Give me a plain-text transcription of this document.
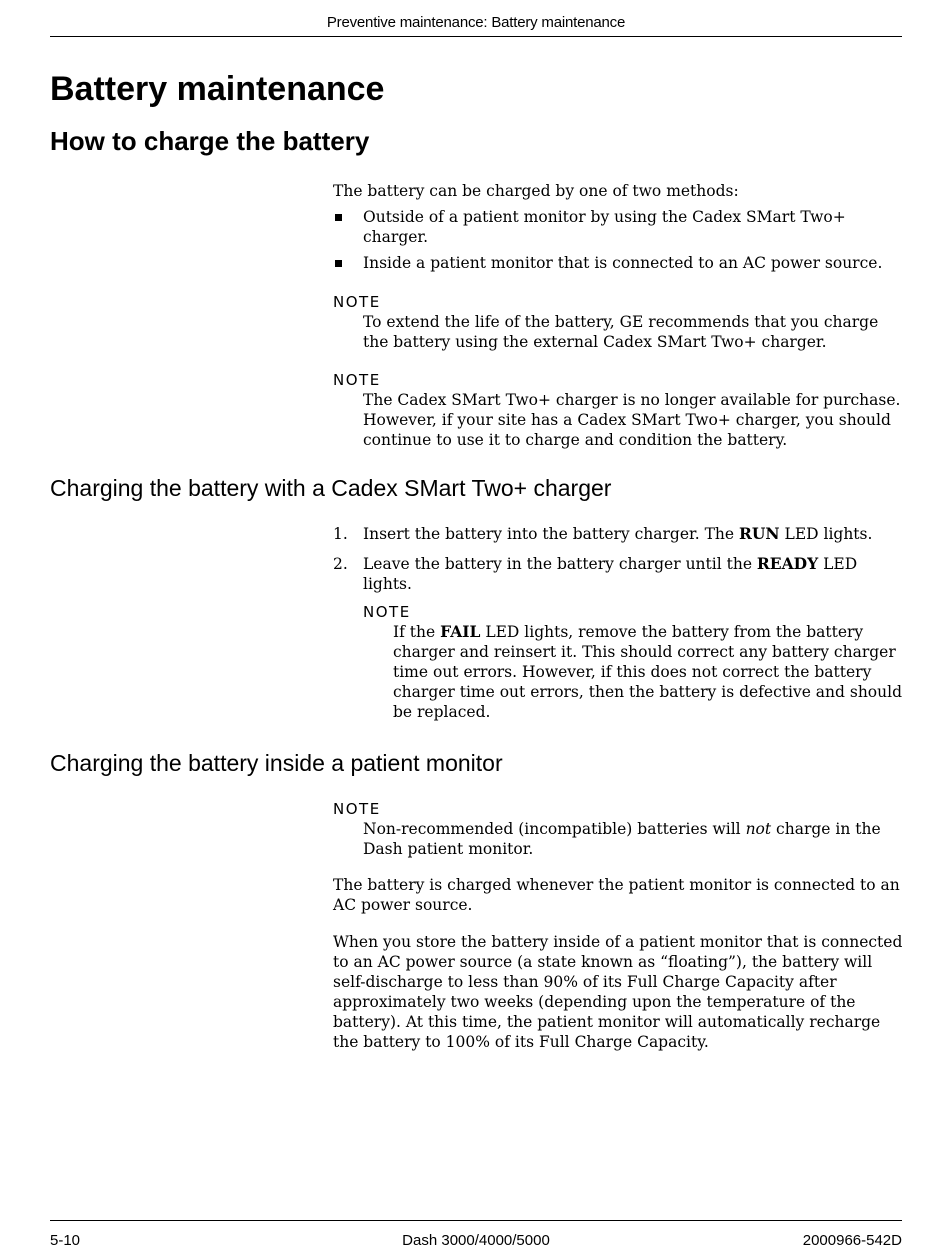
Preventive maintenance: Battery maintenance
Battery maintenance
How to charge the battery

The battery can be charged by one of two methods:

Outside of a patient monitor by using the Cadex SMart Two+ charger.
Inside a patient monitor that is connected to an AC power source.
NOTE
To extend the life of the battery, GE recommends that you charge the battery using the external Cadex SMart Two+ charger.
NOTE
The Cadex SMart Two+ charger is no longer available for purchase. However, if your site has a Cadex SMart Two+ charger, you should continue to use it to charge and condition the battery.
Charging the battery with a Cadex SMart Two+ charger
1. Insert the battery into the battery charger. The RUN LED lights.
2. Leave the battery in the battery charger until the READY LED lights.
NOTE
If the FAIL LED lights, remove the battery from the battery charger and reinsert it. This should correct any battery charger time out errors. However, if this does not correct the battery charger time out errors, then the battery is defective and should be replaced.
Charging the battery inside a patient monitor
NOTE
Non-recommended (incompatible) batteries will not charge in the Dash patient monitor.

The battery is charged whenever the patient monitor is connected to an AC power source.

When you store the battery inside of a patient monitor that is connected to an AC power source (a state known as “floating”), the battery will self-discharge to less than 90% of its Full Charge Capacity after approximately two weeks (depending upon the temperature of the battery). At this time, the patient monitor will automatically recharge the battery to 100% of its Full Charge Capacity.

5-10	Dash 3000/4000/5000	2000966-542D
